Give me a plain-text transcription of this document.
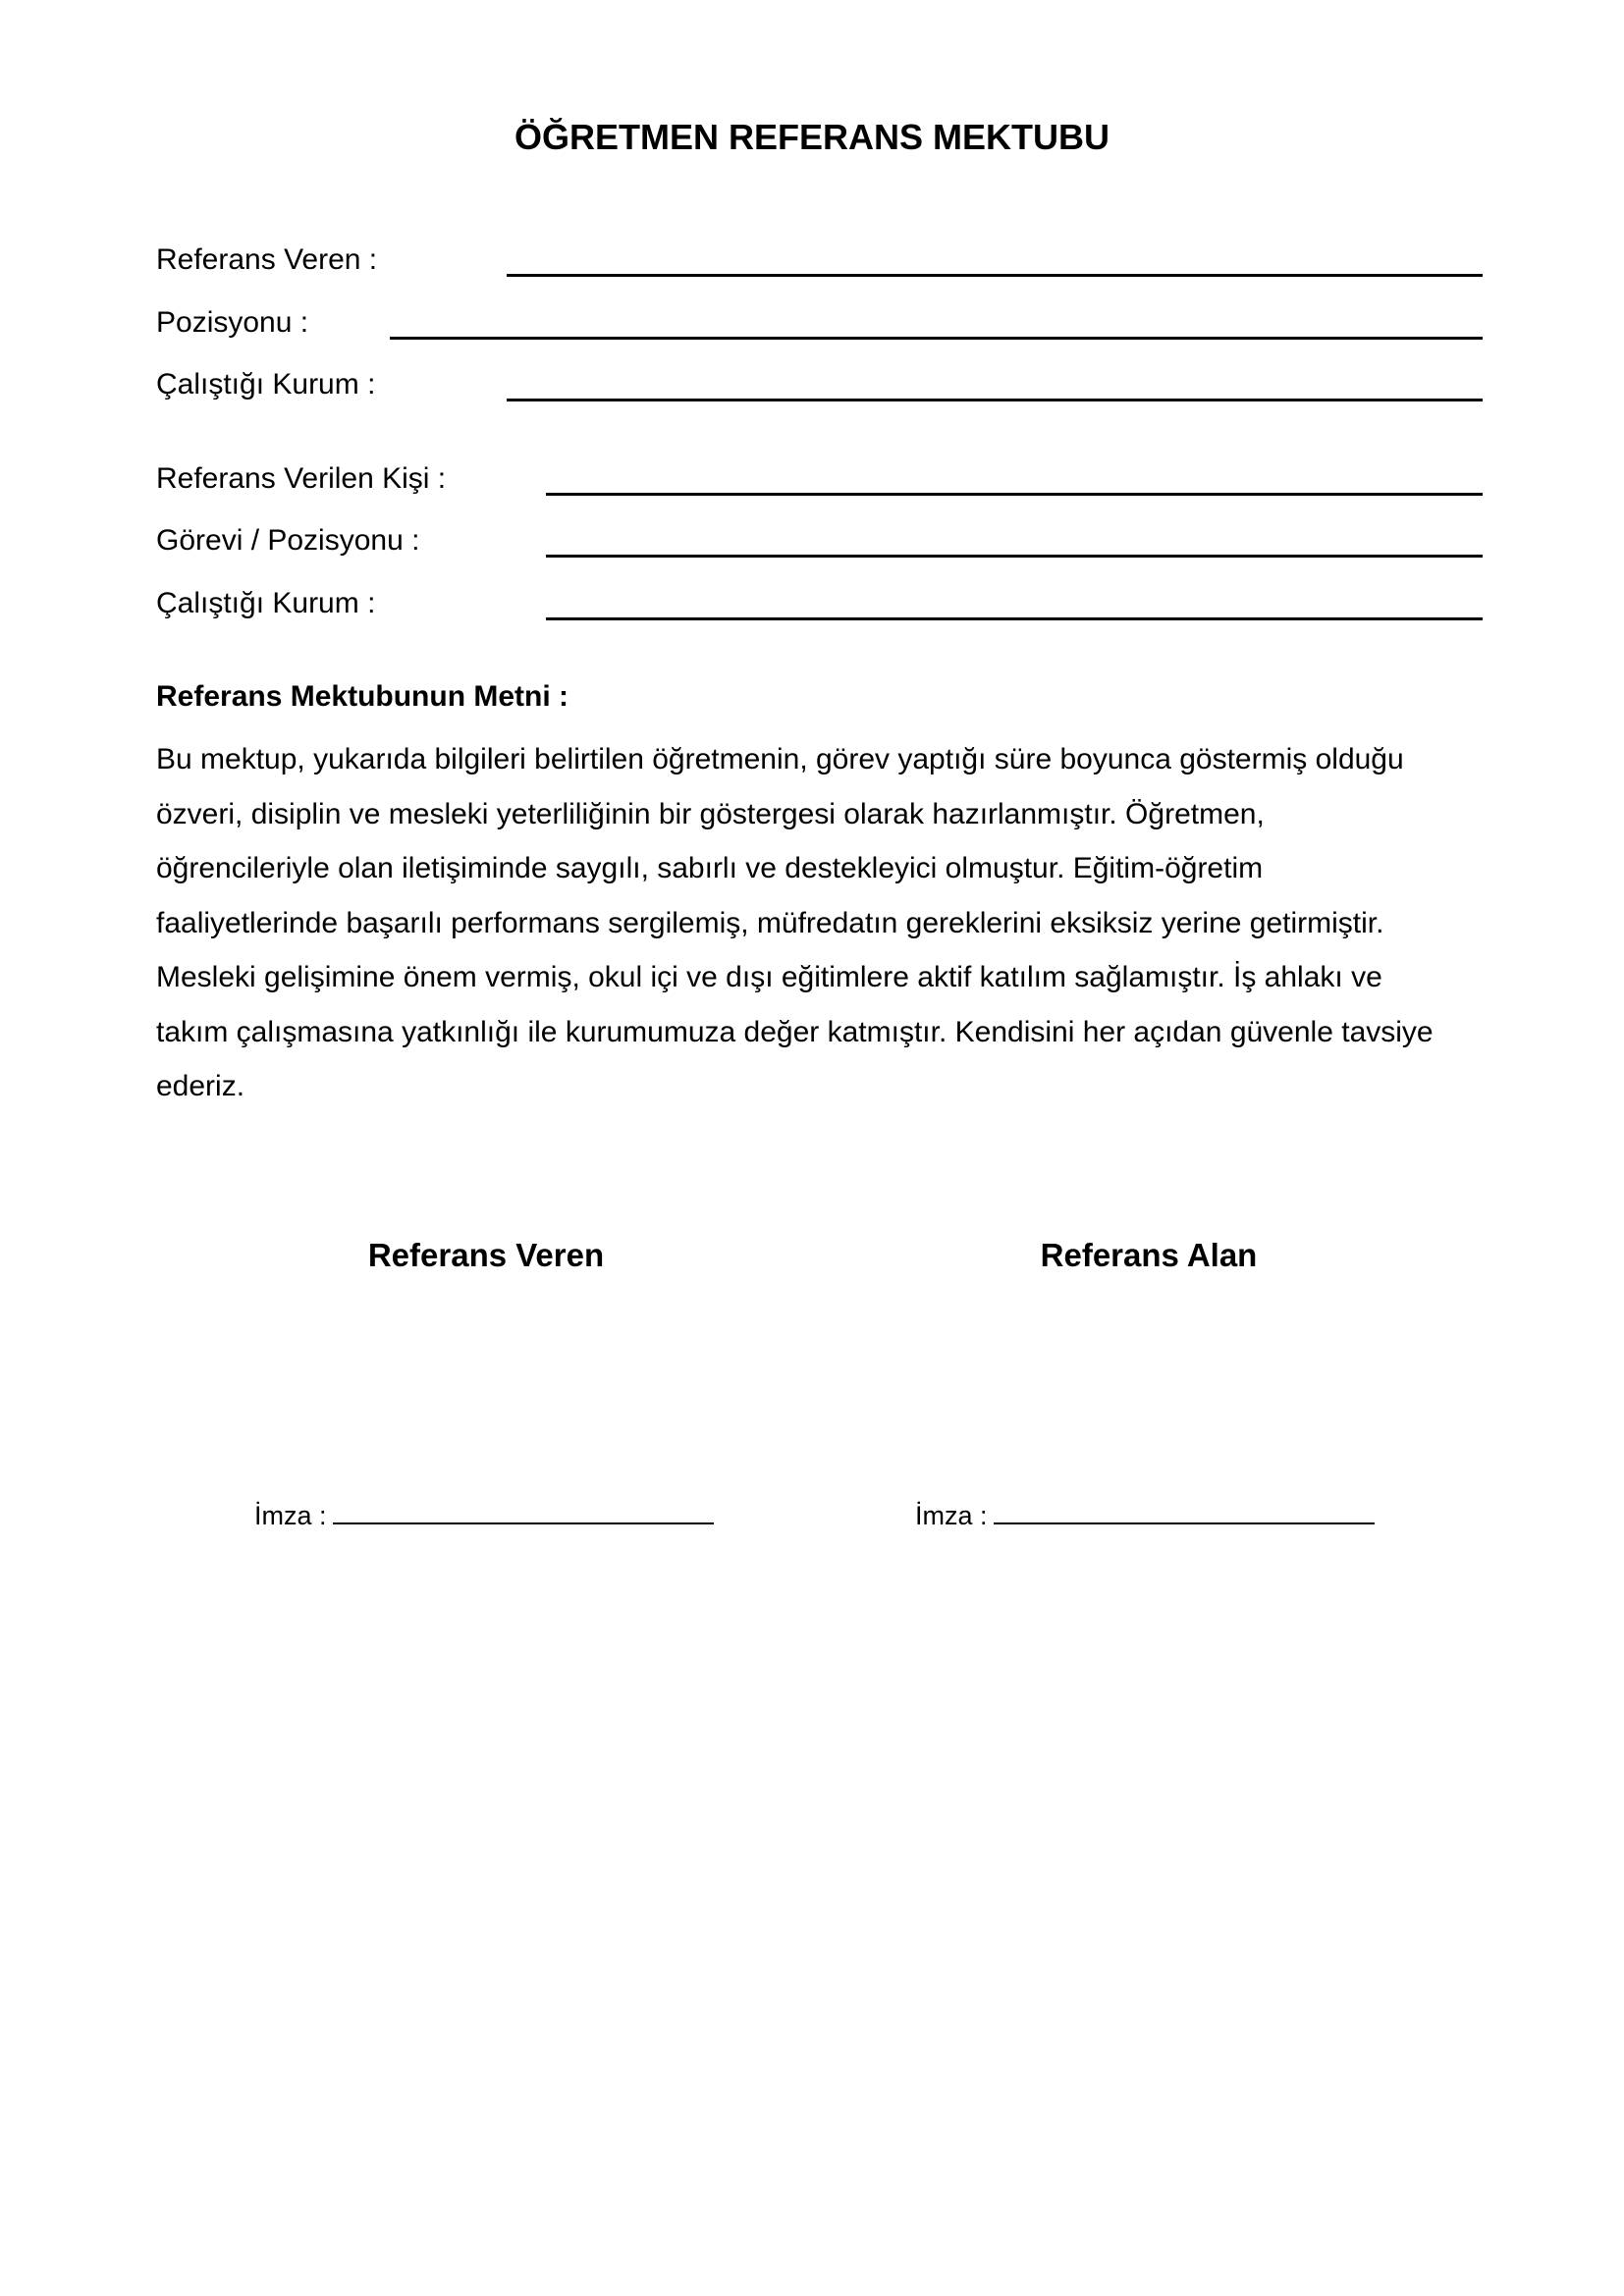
ÖĞRETMEN REFERANS MEKTUBU
Referans Veren :
Pozisyonu :
Çalıştığı Kurum :
Referans Verilen Kişi :
Görevi / Pozisyonu :
Çalıştığı Kurum :
Referans Mektubunun Metni :
Bu mektup, yukarıda bilgileri belirtilen öğretmenin, görev yaptığı süre boyunca göstermiş olduğu
özveri, disiplin ve mesleki yeterliliğinin bir göstergesi olarak hazırlanmıştır. Öğretmen,
öğrencileriyle olan iletişiminde saygılı, sabırlı ve destekleyici olmuştur. Eğitim-öğretim
faaliyetlerinde başarılı performans sergilemiş, müfredatın gereklerini eksiksiz yerine getirmiştir.
Mesleki gelişimine önem vermiş, okul içi ve dışı eğitimlere aktif katılım sağlamıştır. İş ahlakı ve
takım çalışmasına yatkınlığı ile kurumumuza değer katmıştır. Kendisini her açıdan güvenle tavsiye
ederiz.
Referans Veren	Referans Alan
İmza :	İmza :
